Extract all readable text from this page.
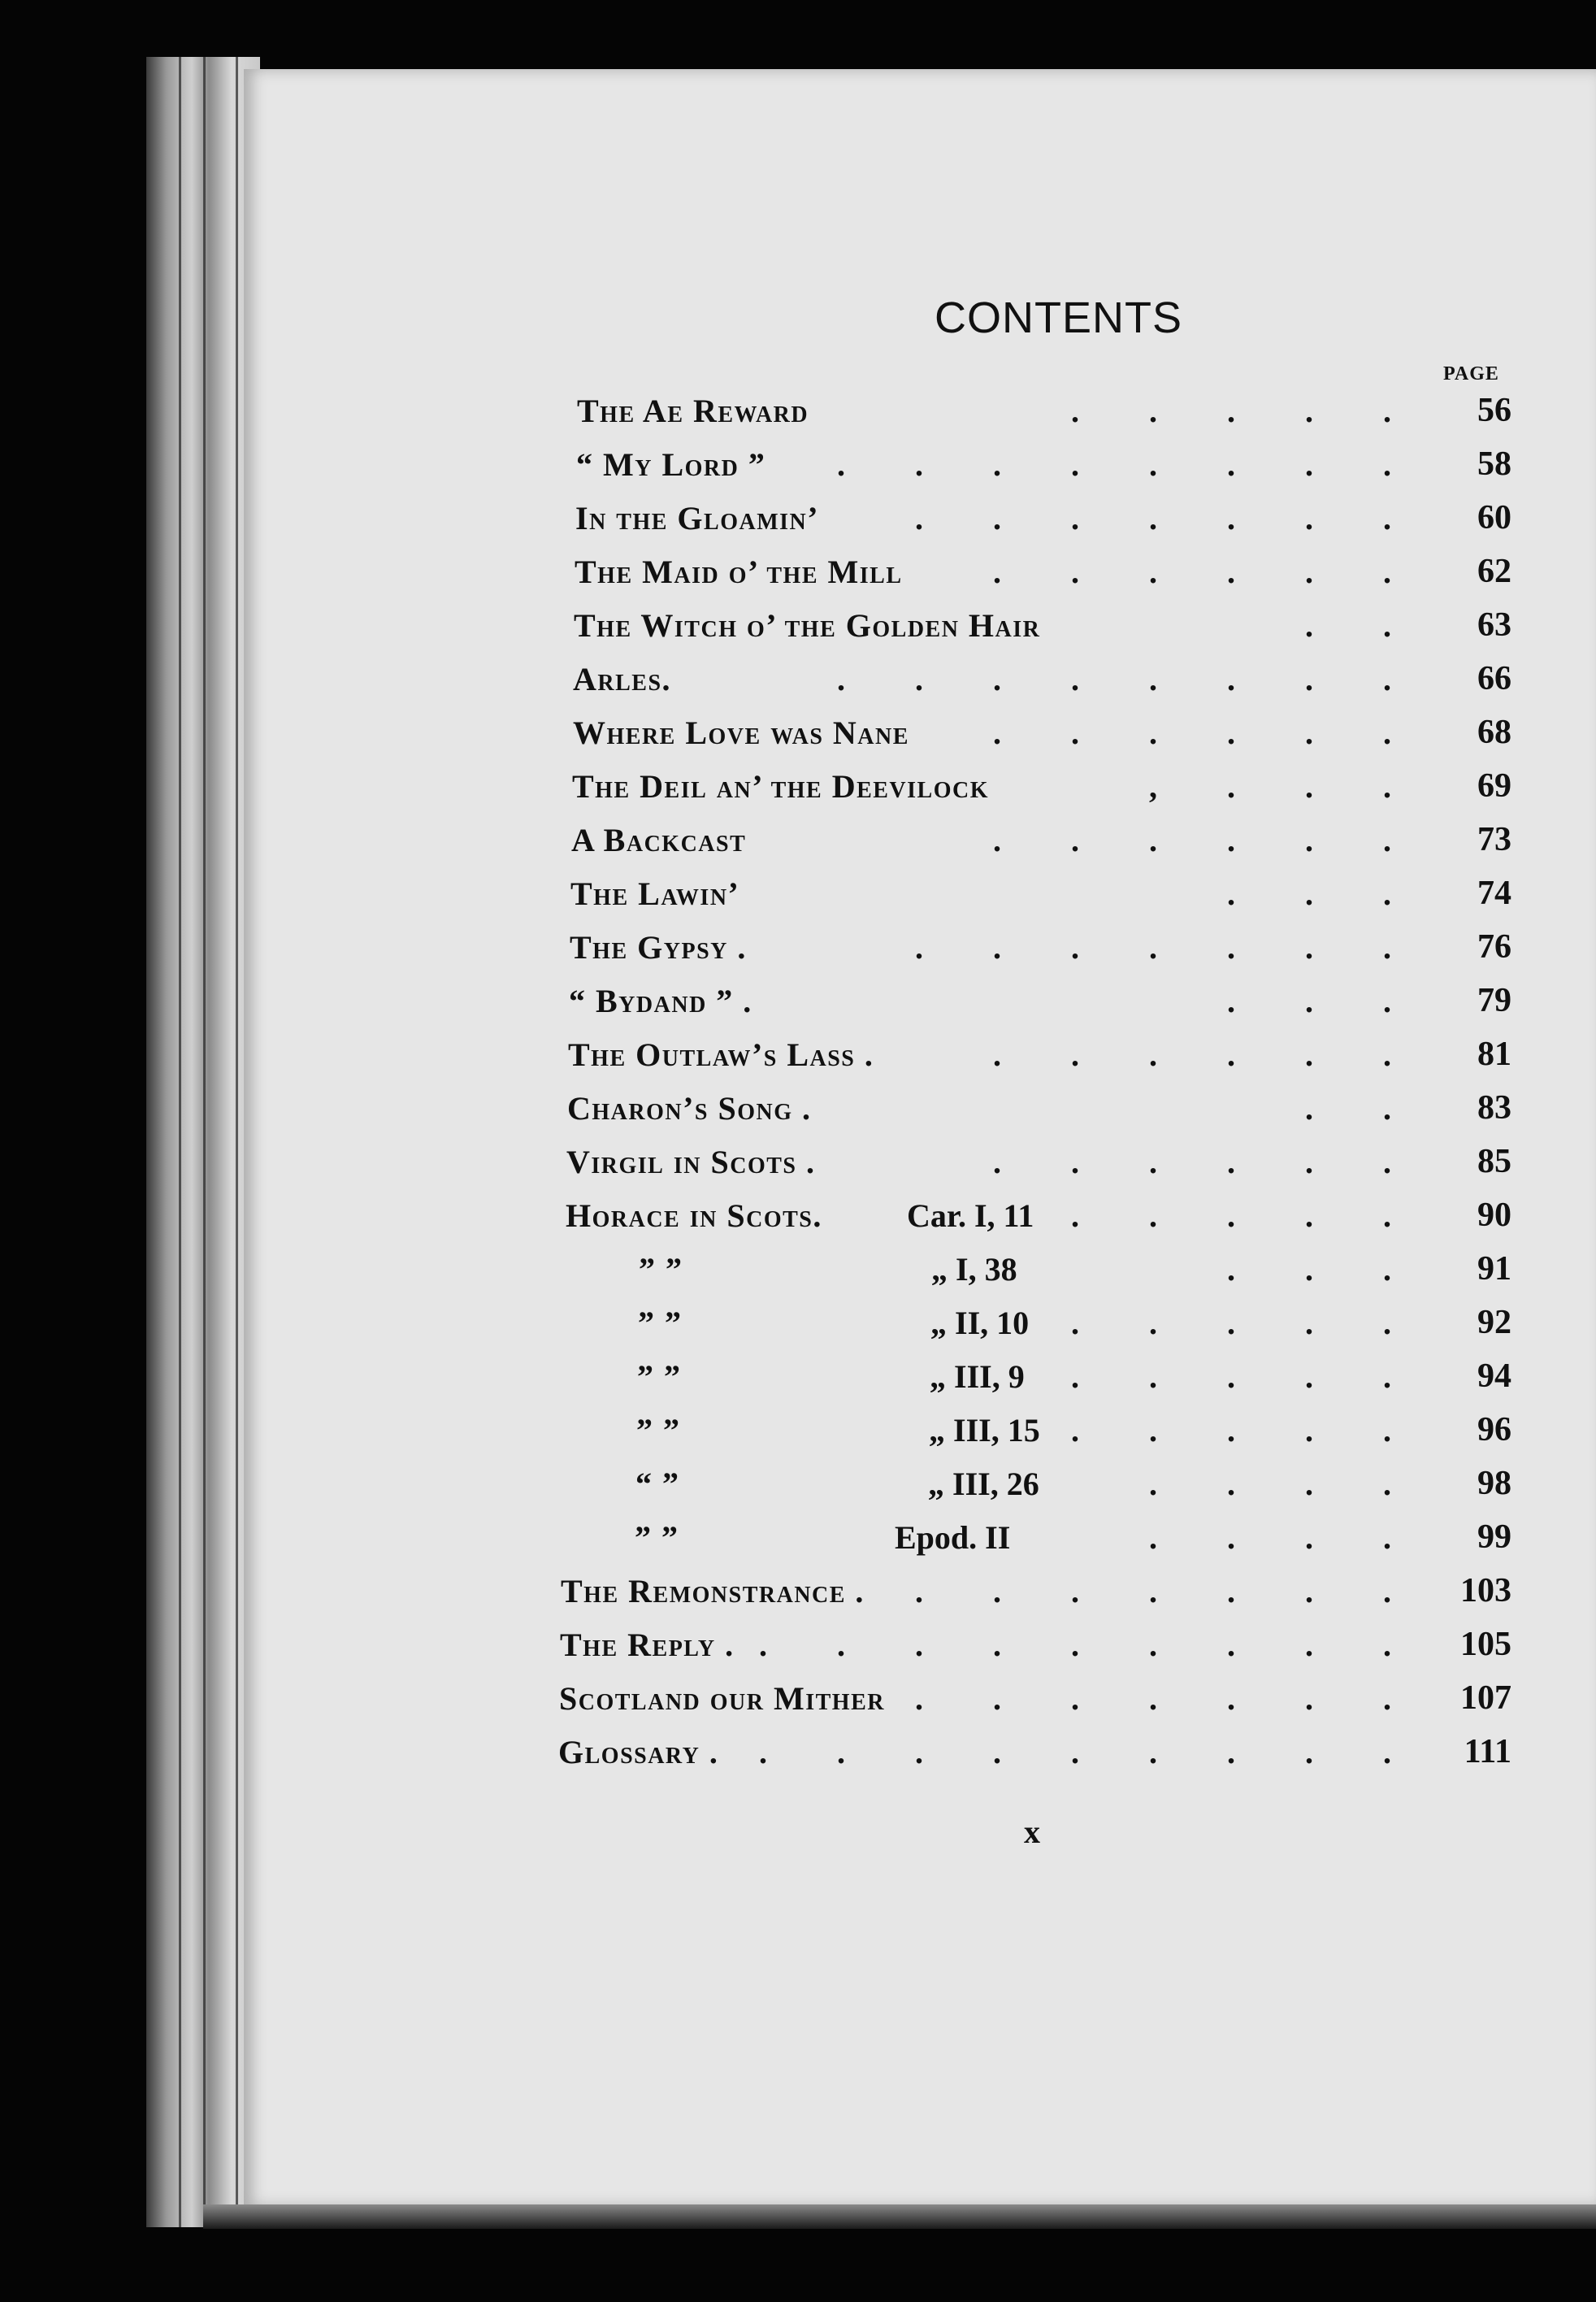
CONTENTS
PAGE
The Ae Reward	. . . . .	56
“ My Lord ” . . . . . . . .	58
In the Gloamin’	. . . . . . .	60
The Maid o’ the Mill	. . . . . .	62
The Witch o’ the Golden Hair	. .	63
Arles.	. . . . . . . .	66
Where Love was Nane	. . . . . .	68
The Deil an’ the Deevilock	, . . .	69
A Backcast	. . . . . .	73
The Lawin’	. . .	74
The Gypsy .	. . . . . . .	76
“ Bydand ” .	. . .	79
The Outlaw’s Lass .	. . . . . .	81
Charon’s Song .	. .	83
Virgil in Scots .	. . . . . .	85
Horace in Scots.	Car. I, 11 . . . . .	90
” ”	„ I, 38	. . .	91
” ”	„ II, 10 . . . . .	92
” ”	„ III, 9 . . . . .	94
” ”	„ III, 15 . . . . .	96
“ ”	„ III, 26	. . . .	98
” ”	Epod. II	. . . .	99
The Remonstrance . . . . . . . .	103
The Reply . . . . . . . . . .	105
Scotland our Mither . . . . . . .	107
Glossary . . . . . . . . . .	111
x
